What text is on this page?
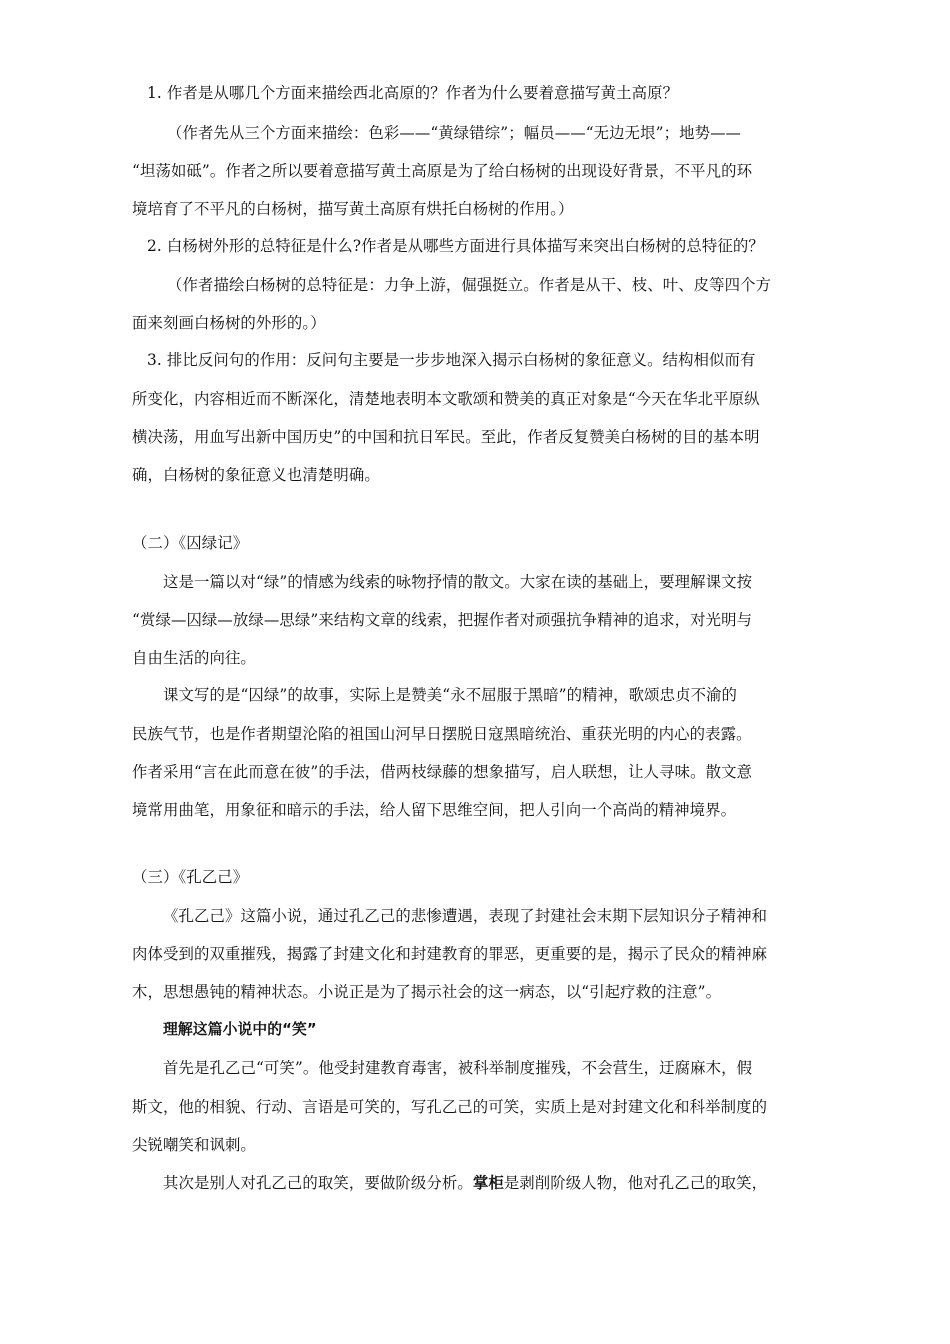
1. 作者是从哪几个方面来描绘西北高原的？作者为什么要着意描写黄土高原？
（作者先从三个方面来描绘：色彩——“黄绿错综”；幅员——“无边无垠”；地势——
“坦荡如砥”。作者之所以要着意描写黄土高原是为了给白杨树的出现设好背景，不平凡的环
境培育了不平凡的白杨树，描写黄土高原有烘托白杨树的作用。）
2. 白杨树外形的总特征是什么?作者是从哪些方面进行具体描写来突出白杨树的总特征的？
（作者描绘白杨树的总特征是：力争上游，倔强挺立。作者是从干、枝、叶、皮等四个方
面来刻画白杨树的外形的。）
3. 排比反问句的作用：反问句主要是一步步地深入揭示白杨树的象征意义。结构相似而有
所变化，内容相近而不断深化，清楚地表明本文歌颂和赞美的真正对象是“今天在华北平原纵
横决荡，用血写出新中国历史”的中国和抗日军民。至此，作者反复赞美白杨树的目的基本明
确，白杨树的象征意义也清楚明确。
（二）《囚绿记》
这是一篇以对“绿”的情感为线索的咏物抒情的散文。大家在读的基础上，要理解课文按
“赏绿—囚绿—放绿—思绿”来结构文章的线索，把握作者对顽强抗争精神的追求，对光明与
自由生活的向往。
课文写的是“囚绿”的故事，实际上是赞美“永不屈服于黑暗”的精神，歌颂忠贞不渝的
民族气节，也是作者期望沦陷的祖国山河早日摆脱日寇黑暗统治、重获光明的内心的表露。
作者采用“言在此而意在彼”的手法，借两枝绿藤的想象描写，启人联想，让人寻味。散文意
境常用曲笔，用象征和暗示的手法，给人留下思维空间，把人引向一个高尚的精神境界。
（三）《孔乙己》
《孔乙己》这篇小说，通过孔乙己的悲惨遭遇，表现了封建社会末期下层知识分子精神和
肉体受到的双重摧残，揭露了封建文化和封建教育的罪恶，更重要的是，揭示了民众的精神麻
木，思想愚钝的精神状态。小说正是为了揭示社会的这一病态，以“引起疗救的注意”。
理解这篇小说中的“笑”
首先是孔乙己“可笑”。他受封建教育毒害，被科举制度摧残，不会营生，迂腐麻木，假
斯文，他的相貌、行动、言语是可笑的，写孔乙己的可笑，实质上是对封建文化和科举制度的
尖锐嘲笑和讽刺。
其次是别人对孔乙己的取笑，要做阶级分析。掌柜是剥削阶级人物，他对孔乙己的取笑，
